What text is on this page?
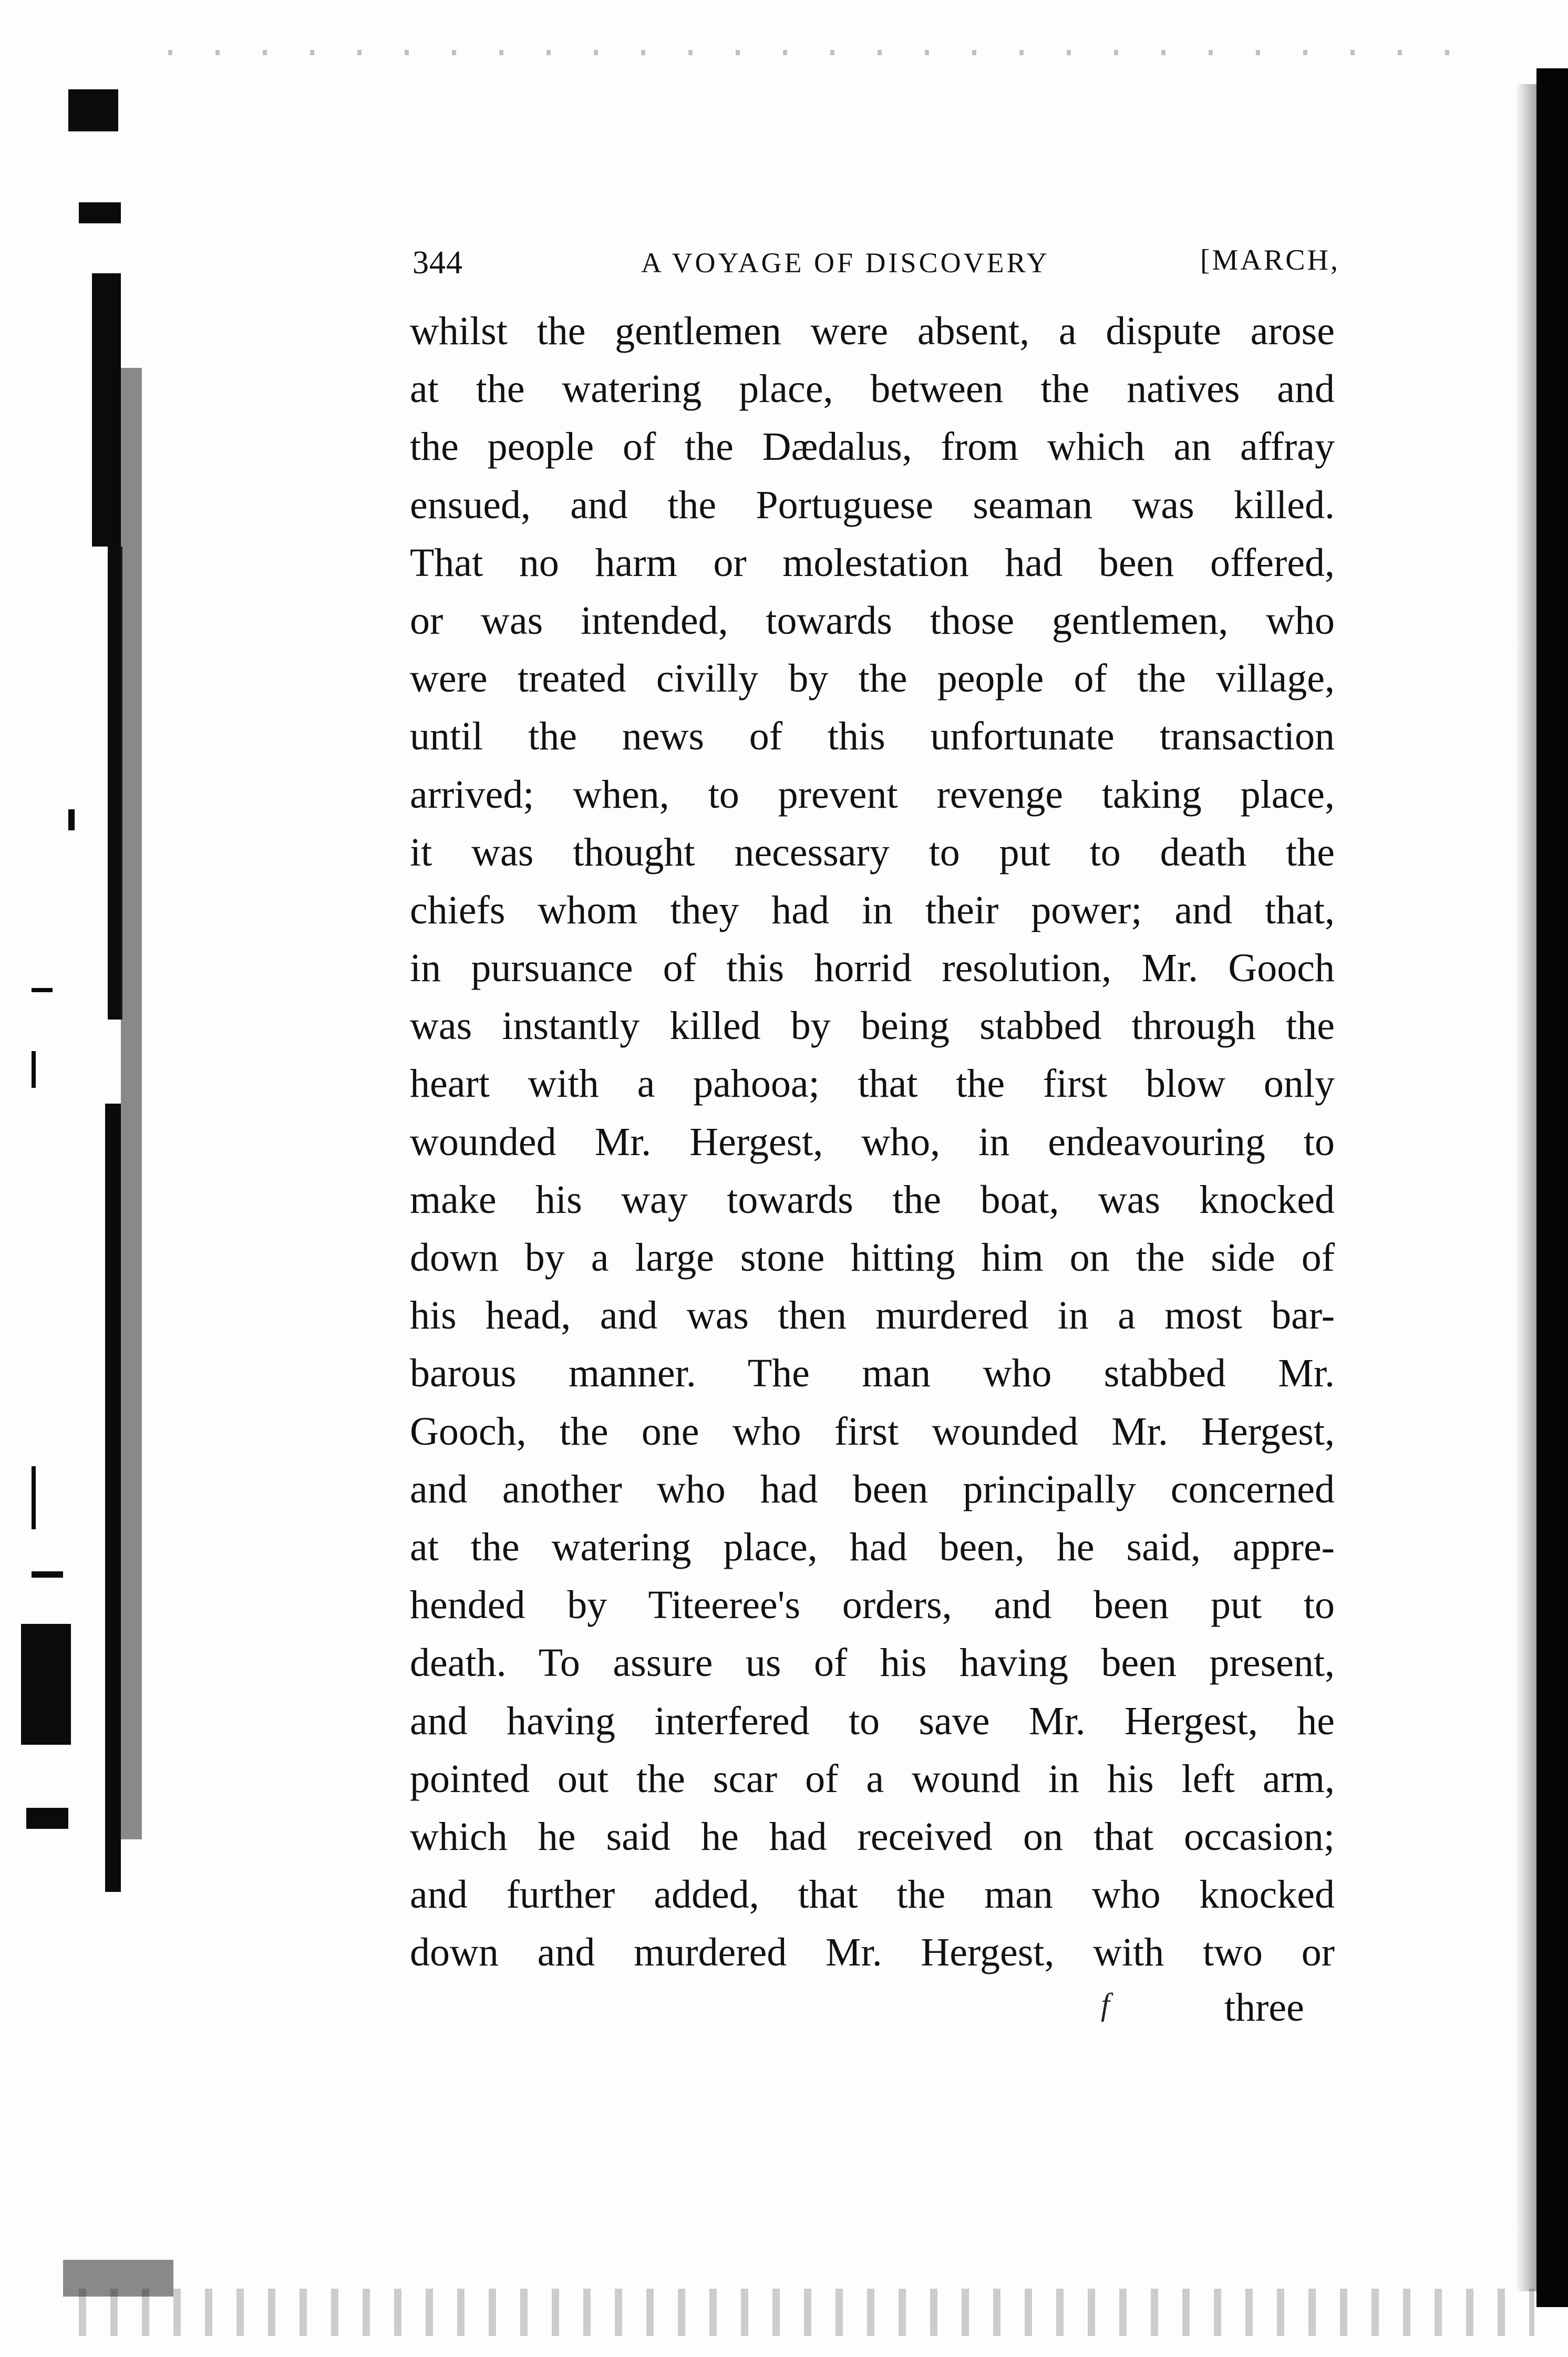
344	A VOYAGE OF DISCOVERY	[MARCH,
whilst the gentlemen were absent, a dispute arose
at the watering place, between the natives and
the people of the Dædalus, from which an affray
ensued, and the Portuguese seaman was killed.
That no harm or molestation had been offered,
or was intended, towards those gentlemen, who
were treated civilly by the people of the village,
until the news of this unfortunate transaction
arrived; when, to prevent revenge taking place,
it was thought necessary to put to death the
chiefs whom they had in their power; and that,
in pursuance of this horrid resolution, Mr. Gooch
was instantly killed by being stabbed through the
heart with a pahooa; that the first blow only
wounded Mr. Hergest, who, in endeavouring to
make his way towards the boat, was knocked
down by a large stone hitting him on the side of
his head, and was then murdered in a most bar-
barous manner. The man who stabbed Mr.
Gooch, the one who first wounded Mr. Hergest,
and another who had been principally concerned
at the watering place, had been, he said, appre-
hended by Titeeree's orders, and been put to
death. To assure us of his having been present,
and having interfered to save Mr. Hergest, he
pointed out the scar of a wound in his left arm,
which he said he had received on that occasion;
and further added, that the man who knocked
down and murdered Mr. Hergest, with two or
f	three
